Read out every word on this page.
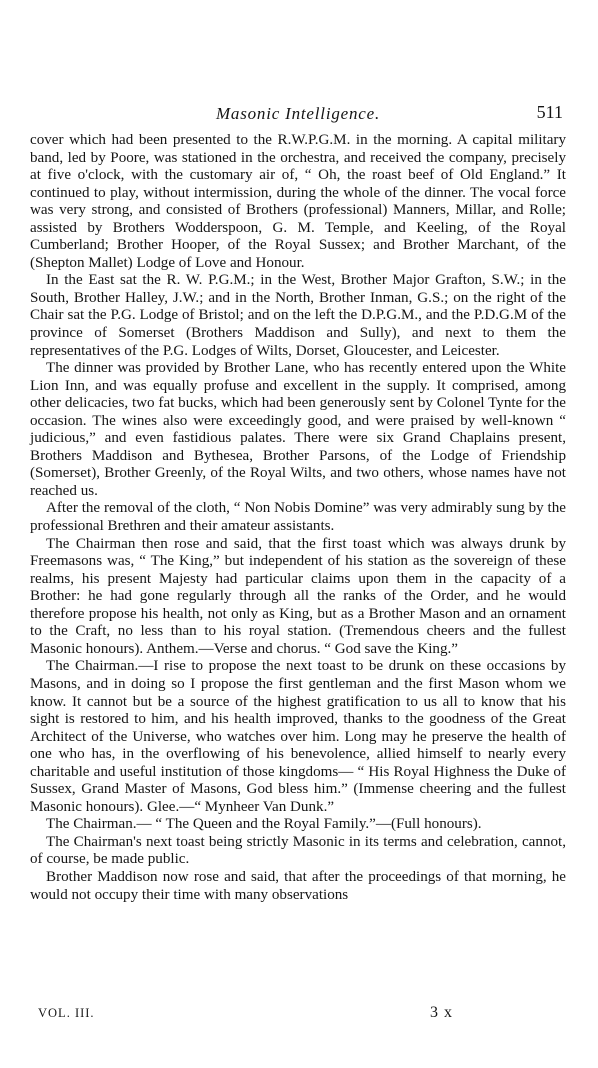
Masonic Intelligence.	511

cover which had been presented to the R.W.P.G.M. in the morning. A capital military band, led by Poore, was stationed in the orchestra, and received the company, precisely at five o'clock, with the customary air of, “ Oh, the roast beef of Old England.” It continued to play, without intermission, during the whole of the dinner. The vocal force was very strong, and consisted of Brothers (professional) Manners, Millar, and Rolle; assisted by Brothers Wodderspoon, G. M. Temple, and Keeling, of the Royal Cumberland; Brother Hooper, of the Royal Sussex; and Brother Marchant, of the (Shepton Mallet) Lodge of Love and Honour.

In the East sat the R. W. P.G.M.; in the West, Brother Major Grafton, S.W.; in the South, Brother Halley, J.W.; and in the North, Brother Inman, G.S.; on the right of the Chair sat the P.G. Lodge of Bristol; and on the left the D.P.G.M., and the P.D.G.M of the province of Somerset (Brothers Maddison and Sully), and next to them the representatives of the P.G. Lodges of Wilts, Dorset, Gloucester, and Leicester.

The dinner was provided by Brother Lane, who has recently entered upon the White Lion Inn, and was equally profuse and excellent in the supply. It comprised, among other delicacies, two fat bucks, which had been generously sent by Colonel Tynte for the occasion. The wines also were exceedingly good, and were praised by well-known “ judicious,” and even fastidious palates. There were six Grand Chaplains present, Brothers Maddison and Bythesea, Brother Parsons, of the Lodge of Friendship (Somerset), Brother Greenly, of the Royal Wilts, and two others, whose names have not reached us.

After the removal of the cloth, “ Non Nobis Domine” was very admirably sung by the professional Brethren and their amateur assistants.

The Chairman then rose and said, that the first toast which was always drunk by Freemasons was, “ The King,” but independent of his station as the sovereign of these realms, his present Majesty had particular claims upon them in the capacity of a Brother: he had gone regularly through all the ranks of the Order, and he would therefore propose his health, not only as King, but as a Brother Mason and an ornament to the Craft, no less than to his royal station. (Tremendous cheers and the fullest Masonic honours). Anthem.—Verse and chorus. “ God save the King.”

The Chairman.—I rise to propose the next toast to be drunk on these occasions by Masons, and in doing so I propose the first gentleman and the first Mason whom we know. It cannot but be a source of the highest gratification to us all to know that his sight is restored to him, and his health improved, thanks to the goodness of the Great Architect of the Universe, who watches over him. Long may he preserve the health of one who has, in the overflowing of his benevolence, allied himself to nearly every charitable and useful institution of those kingdoms— “ His Royal Highness the Duke of Sussex, Grand Master of Masons, God bless him.” (Immense cheering and the fullest Masonic honours). Glee.—“ Mynheer Van Dunk.”

The Chairman.— “ The Queen and the Royal Family.”—(Full honours).

The Chairman's next toast being strictly Masonic in its terms and celebration, cannot, of course, be made public.

Brother Maddison now rose and said, that after the proceedings of that morning, he would not occupy their time with many observations

VOL. III.	3 x
